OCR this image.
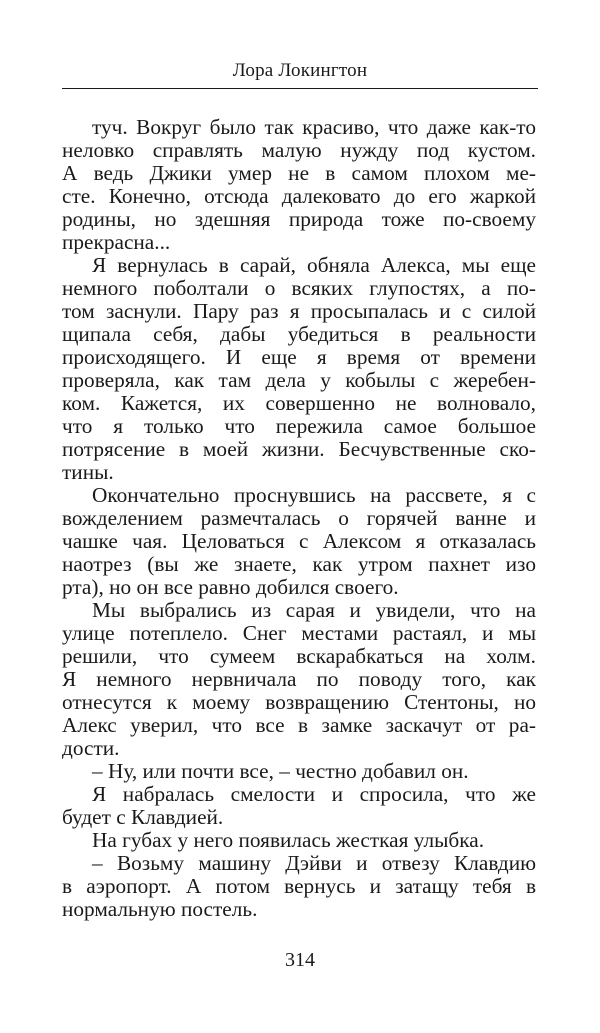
Лора Локингтон
туч. Вокруг было так красиво, что даже как-то
неловко справлять малую нужду под кустом.
А ведь Джики умер не в самом плохом ме-
сте. Конечно, отсюда далековато до его жаркой
родины, но здешняя природа тоже по-своему
прекрасна...
Я вернулась в сарай, обняла Алекса, мы еще
немного поболтали о всяких глупостях, а по-
том заснули. Пару раз я просыпалась и с силой
щипала себя, дабы убедиться в реальности
происходящего. И еще я время от времени
проверяла, как там дела у кобылы с жеребен-
ком. Кажется, их совершенно не волновало,
что я только что пережила самое большое
потрясение в моей жизни. Бесчувственные ско-
тины.
Окончательно проснувшись на рассвете, я с
вожделением размечталась о горячей ванне и
чашке чая. Целоваться с Алексом я отказалась
наотрез (вы же знаете, как утром пахнет изо
рта), но он все равно добился своего.
Мы выбрались из сарая и увидели, что на
улице потеплело. Снег местами растаял, и мы
решили, что сумеем вскарабкаться на холм.
Я немного нервничала по поводу того, как
отнесутся к моему возвращению Стентоны, но
Алекс уверил, что все в замке заскачут от ра-
дости.
– Ну, или почти все, – честно добавил он.
Я набралась смелости и спросила, что же
будет с Клавдией.
На губах у него появилась жесткая улыбка.
– Возьму машину Дэйви и отвезу Клавдию
в аэропорт. А потом вернусь и затащу тебя в
нормальную постель.
314
